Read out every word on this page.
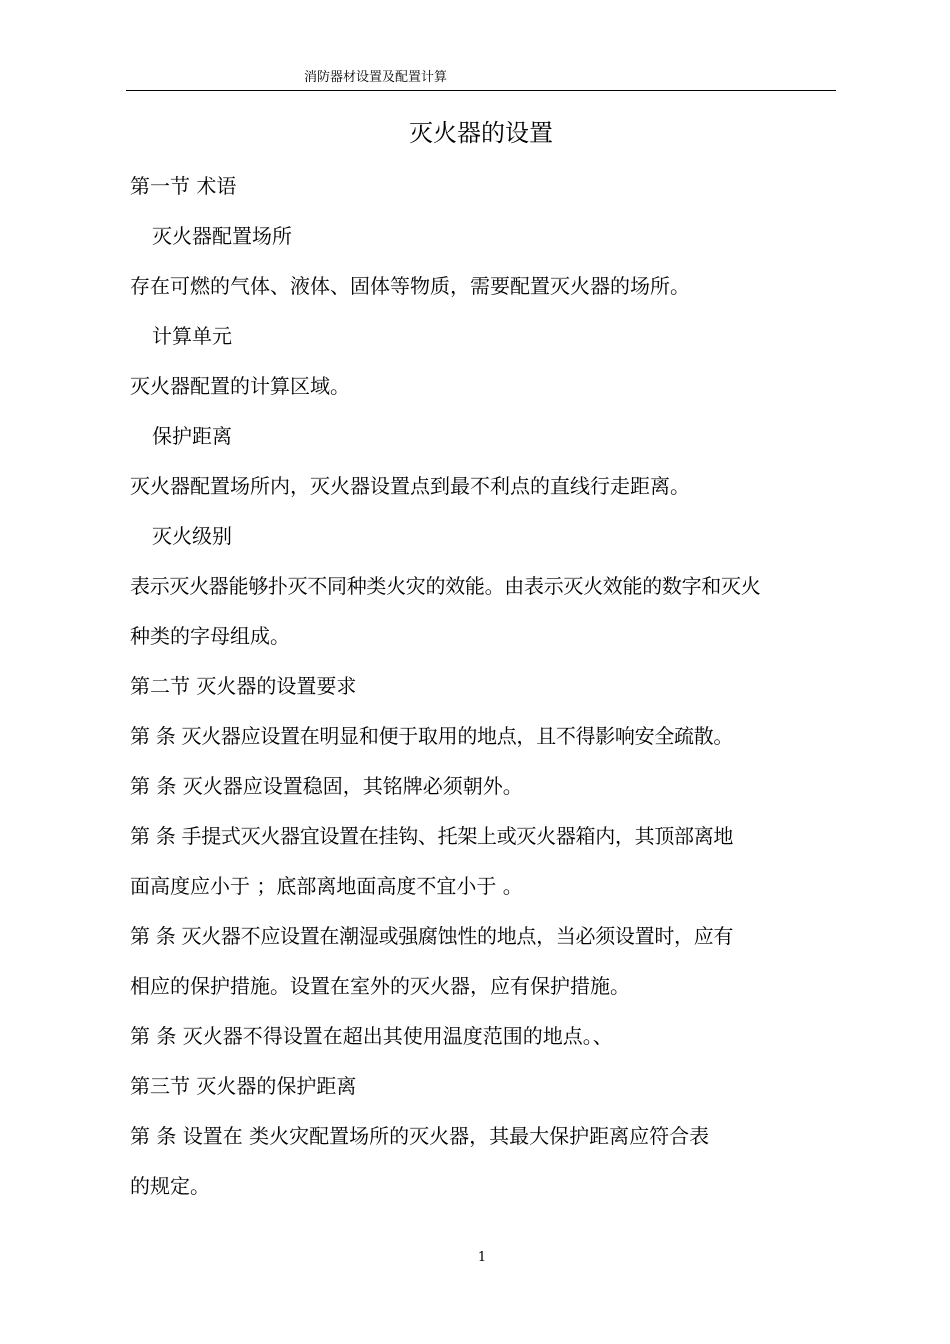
消防器材设置及配置计算
灭火器的设置
第一节 术语
灭火器配置场所
存在可燃的气体、液体、固体等物质，需要配置灭火器的场所。
计算单元
灭火器配置的计算区域。
保护距离
灭火器配置场所内，灭火器设置点到最不利点的直线行走距离。
灭火级别
表示灭火器能够扑灭不同种类火灾的效能。由表示灭火效能的数字和灭火
种类的字母组成。
第二节 灭火器的设置要求
第 条 灭火器应设置在明显和便于取用的地点，且不得影响安全疏散。
第 条 灭火器应设置稳固，其铭牌必须朝外。
第 条 手提式灭火器宜设置在挂钩、托架上或灭火器箱内，其顶部离地
面高度应小于 ；底部离地面高度不宜小于 。
第 条 灭火器不应设置在潮湿或强腐蚀性的地点，当必须设置时，应有
相应的保护措施。设置在室外的灭火器，应有保护措施。
第 条 灭火器不得设置在超出其使用温度范围的地点。、
第三节 灭火器的保护距离
第 条 设置在 类火灾配置场所的灭火器，其最大保护距离应符合表
的规定。
1
